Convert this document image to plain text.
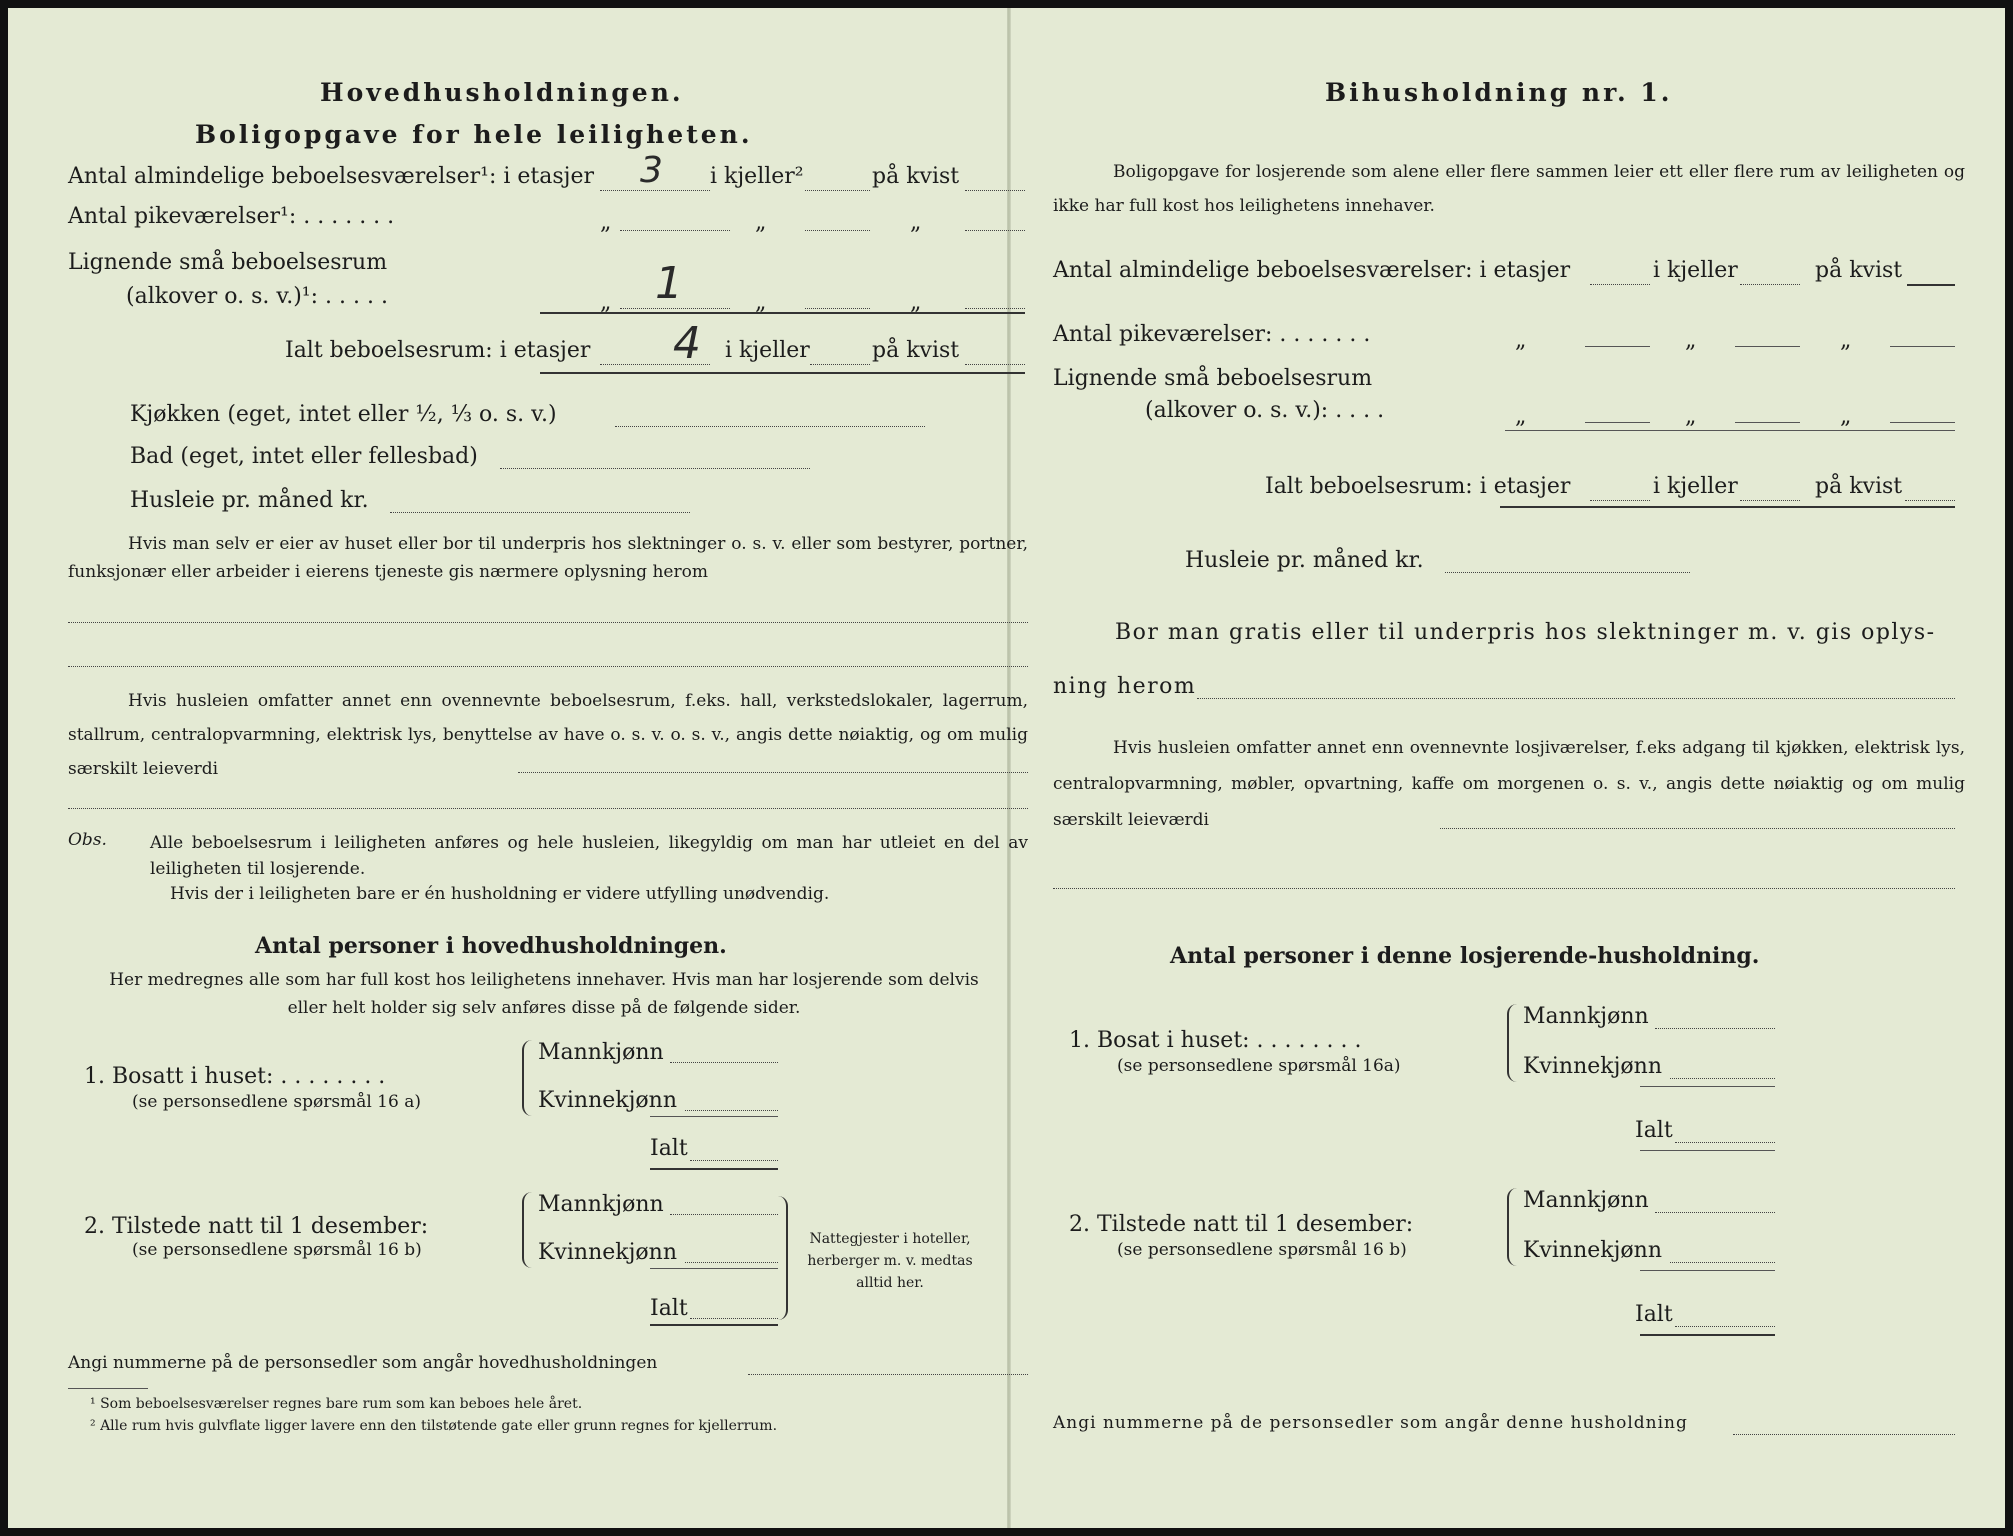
Hovedhusholdningen.
Boligopgave for hele leiligheten.
Antal almindelige beboelsesværelser¹: i etasjer 3 i kjeller²	på kvist
Antal pikeværelser¹: . . . . . . .	„	„	„
Lignende små beboelsesrum
(alkover o. s. v.)¹: . . . . .	„ 1	„	„
Ialt beboelsesrum: i etasjer 4 i kjeller	på kvist
Kjøkken (eget, intet eller ½, ⅓ o. s. v.)
Bad (eget, intet eller fellesbad)
Husleie pr. måned kr.
Hvis man selv er eier av huset eller bor til underpris hos slektninger o. s. v. eller som bestyrer, portner, funksjonær eller arbeider i eierens tjeneste gis nærmere oplysning herom
Hvis husleien omfatter annet enn ovennevnte beboelsesrum, f.eks. hall, verkstedslokaler, lagerrum, stallrum, centralopvarmning, elektrisk lys, benyttelse av have o. s. v. o. s. v., angis dette nøiaktig, og om mulig særskilt leieverdi
Obs.	Alle beboelsesrum i leiligheten anføres og hele husleien, likegyldig om man har utleiet en del av leiligheten til losjerende.
Hvis der i leiligheten bare er én husholdning er videre utfylling unødvendig.
Antal personer i hovedhusholdningen.
Her medregnes alle som har full kost hos leilighetens innehaver. Hvis man har losjerende som delvis eller helt holder sig selv anføres disse på de følgende sider.
1. Bosatt i huset: . . . . . . . .
(se personsedlene spørsmål 16 a)
Mannkjønn
Kvinnekjønn
Ialt
2. Tilstede natt til 1 desember:
(se personsedlene spørsmål 16 b)
Mannkjønn
Kvinnekjønn
Ialt
Nattegjester i hoteller, herberger m. v. medtas alltid her.
Angi nummerne på de personsedler som angår hovedhusholdningen
¹ Som beboelsesværelser regnes bare rum som kan beboes hele året.
² Alle rum hvis gulvflate ligger lavere enn den tilstøtende gate eller grunn regnes for kjellerrum.
Bihusholdning nr. 1.
Boligopgave for losjerende som alene eller flere sammen leier ett eller flere rum av leiligheten og ikke har full kost hos leilighetens innehaver.
Antal almindelige beboelsesværelser: i etasjer	i kjeller	på kvist
Antal pikeværelser: . . . . . . .	„	„	„
Lignende små beboelsesrum
(alkover o. s. v.): . . . .	„	„	„
Ialt beboelsesrum: i etasjer	i kjeller	på kvist
Husleie pr. måned kr.
Bor man gratis eller til underpris hos slektninger m. v. gis oplys-
ning herom
Hvis husleien omfatter annet enn ovennevnte losjiværelser, f.eks adgang til kjøkken, elektrisk lys, centralopvarmning, møbler, opvartning, kaffe om morgenen o. s. v., angis dette nøiaktig og om mulig særskilt leieværdi
Antal personer i denne losjerende-husholdning.
1. Bosat i huset: . . . . . . . .
(se personsedlene spørsmål 16a)
Mannkjønn
Kvinnekjønn
Ialt
2. Tilstede natt til 1 desember:
(se personsedlene spørsmål 16 b)
Mannkjønn
Kvinnekjønn
Ialt
Angi nummerne på de personsedler som angår denne husholdning
